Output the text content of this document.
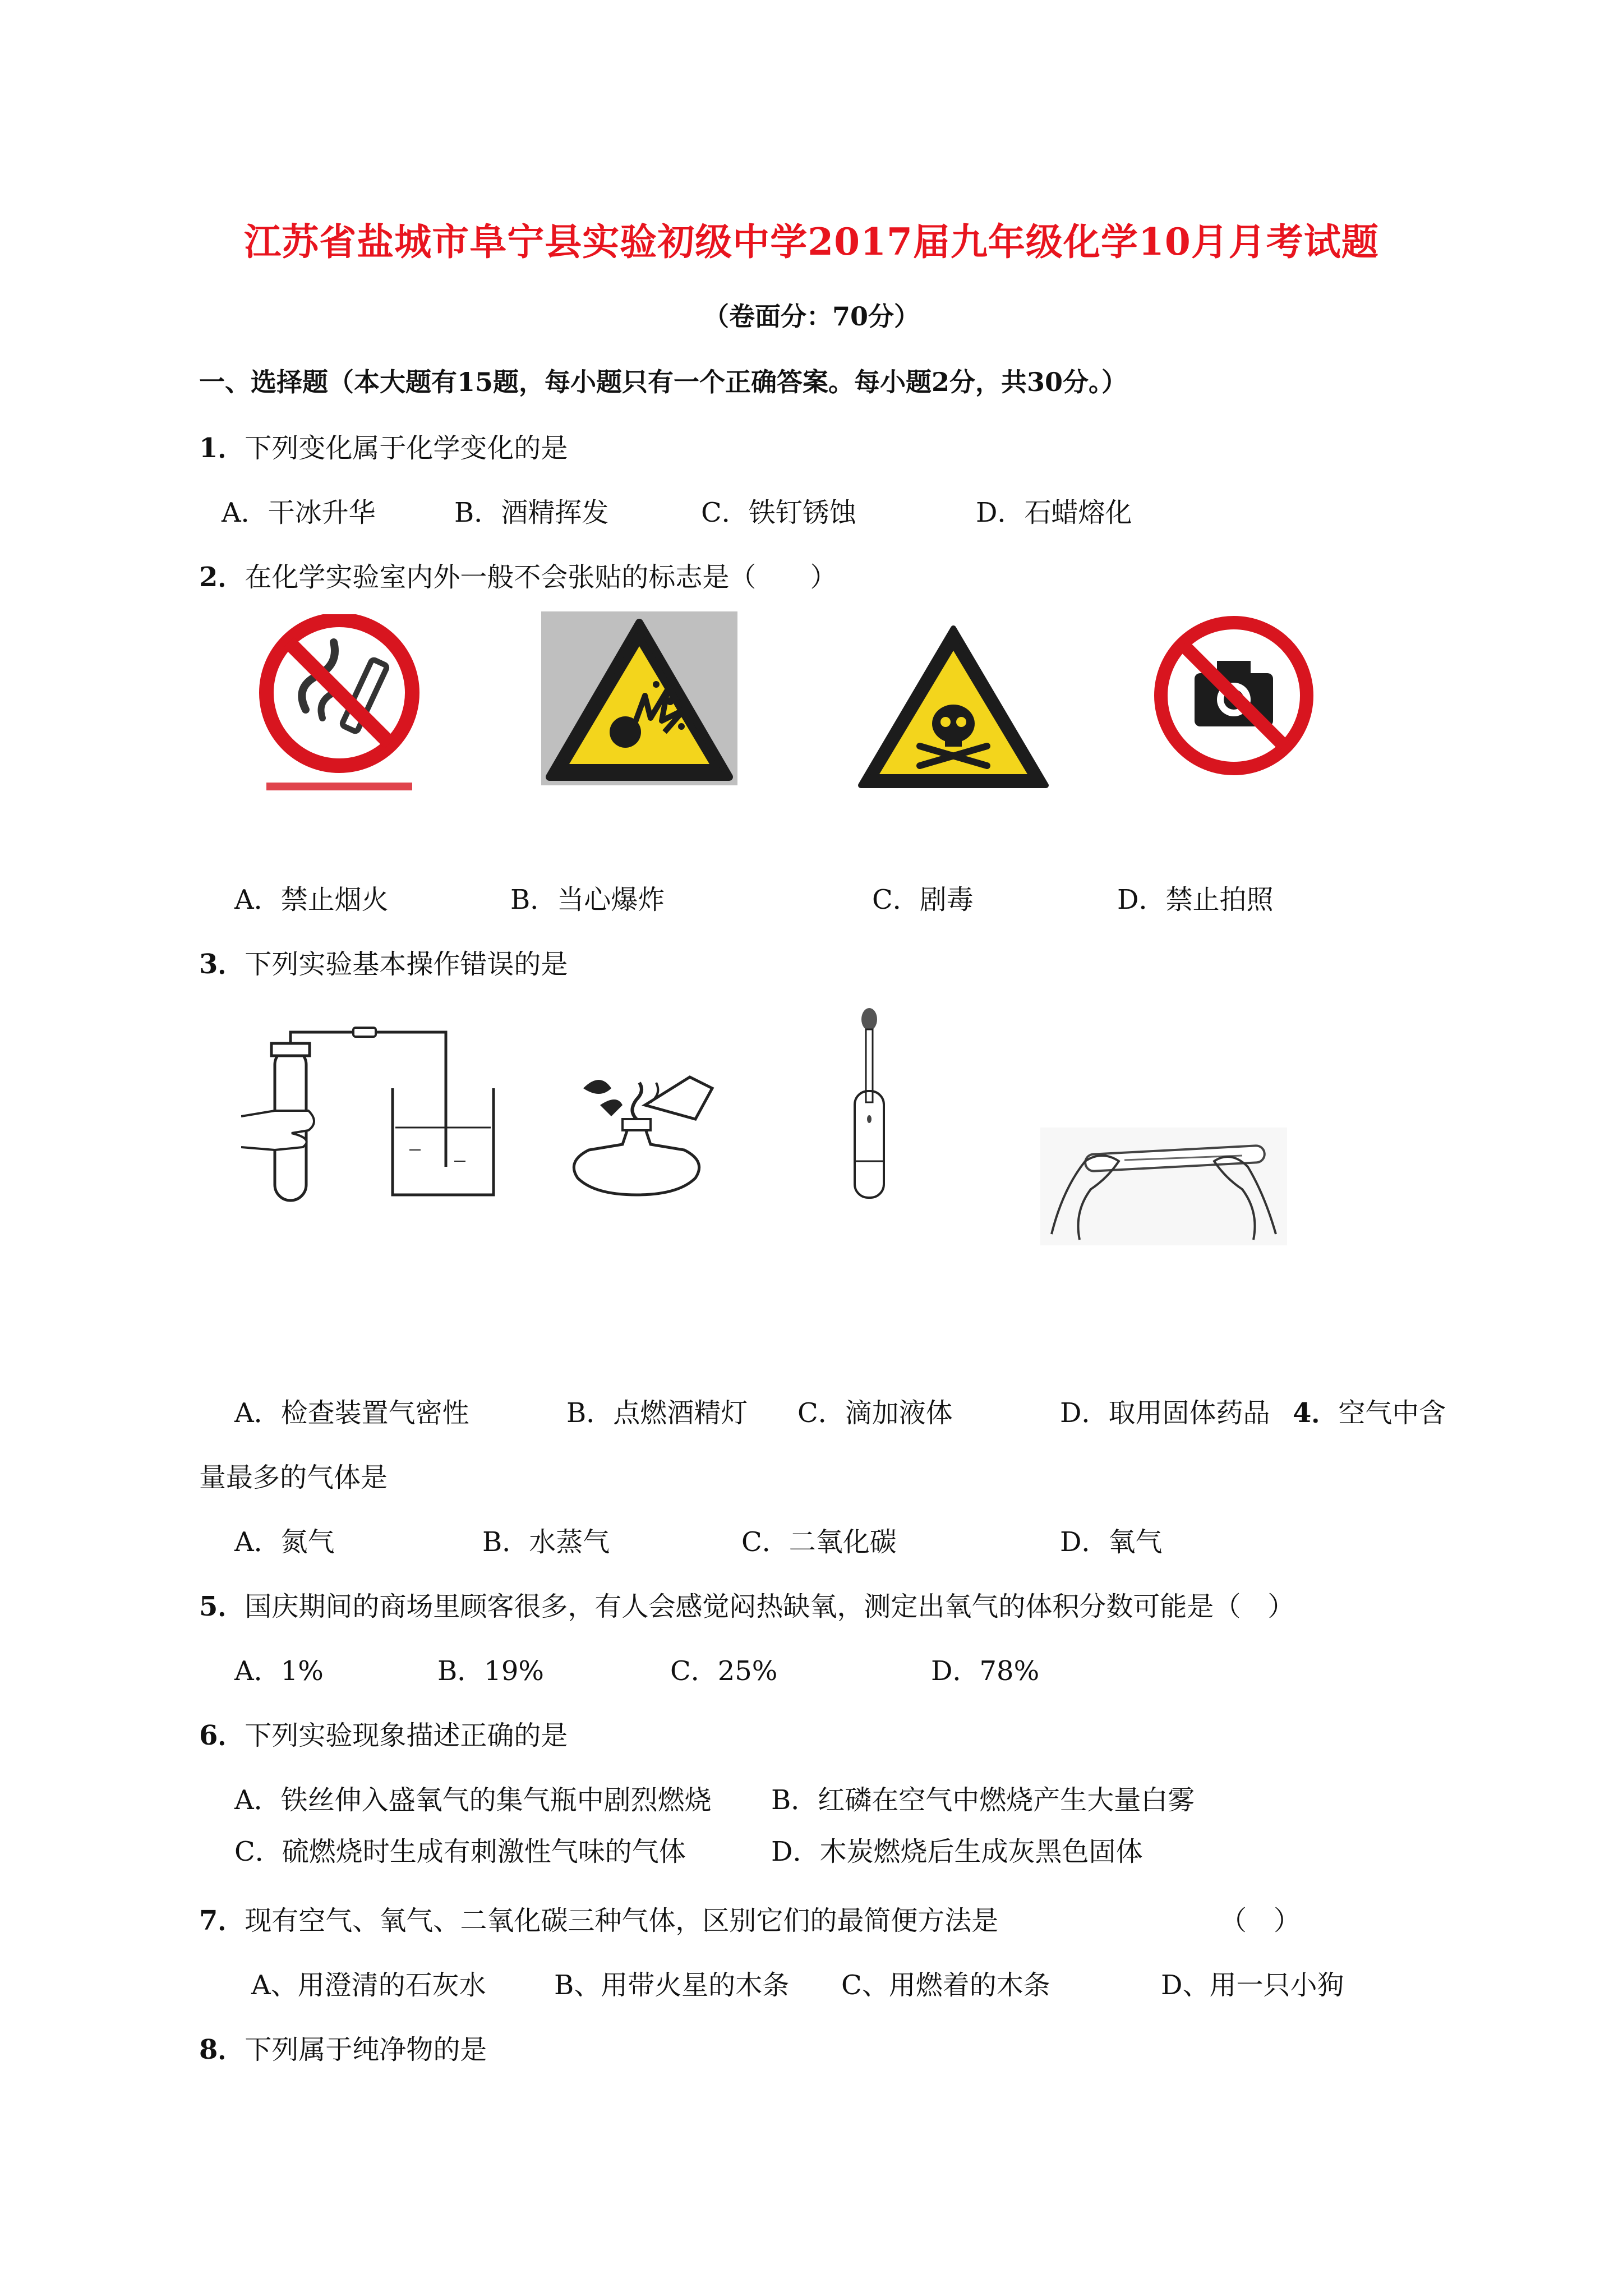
江苏省盐城市阜宁县实验初级中学2017届九年级化学10月月考试题
（卷面分：70分）
一、选择题（本大题有15题，每小题只有一个正确答案。每小题2分，共30分。）
1．下列变化属于化学变化的是
A．干冰升华	B．酒精挥发	C．铁钉锈蚀	D．石蜡熔化
2．在化学实验室内外一般不会张贴的标志是（　　）
A．禁止烟火	B．当心爆炸	C．剧毒	D．禁止拍照
3．下列实验基本操作错误的是
A．检查装置气密性	B．点燃酒精灯 C．滴加液体	D．取用固体药品 4．空气中含
量最多的气体是
A．氮气	B．水蒸气	C．二氧化碳	D．氧气
5．国庆期间的商场里顾客很多，有人会感觉闷热缺氧，测定出氧气的体积分数可能是（　）
A．1%	B．19%	C．25%	D．78%
6．下列实验现象描述正确的是
A．铁丝伸入盛氧气的集气瓶中剧烈燃烧 B．红磷在空气中燃烧产生大量白雾
C．硫燃烧时生成有刺激性气味的气体	D．木炭燃烧后生成灰黑色固体
7．现有空气、氧气、二氧化碳三种气体，区别它们的最简便方法是	（　）
A、用澄清的石灰水	B、用带火星的木条 C、用燃着的木条	D、用一只小狗
8．下列属于纯净物的是
